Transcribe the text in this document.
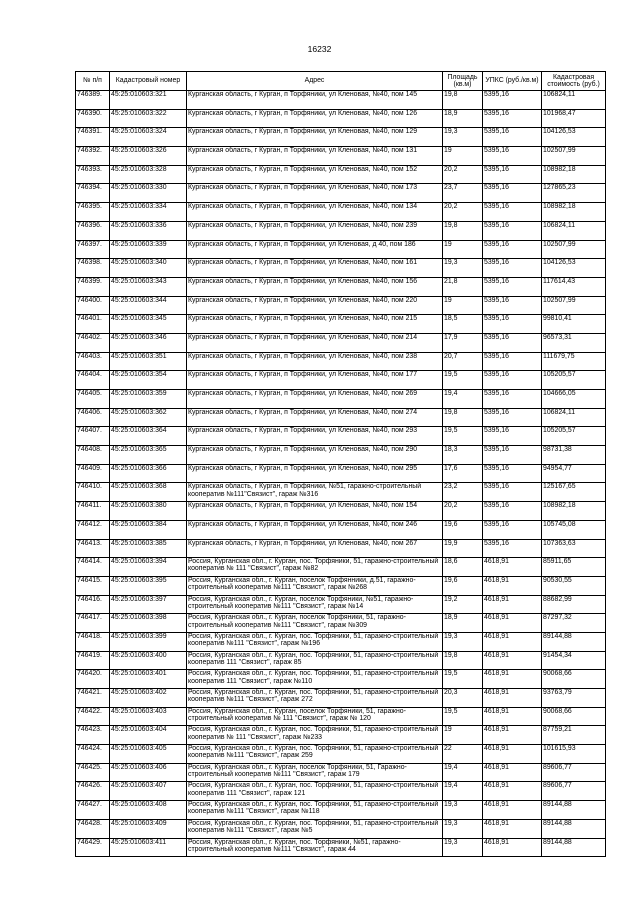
16232
№ п/п	Кадастровый номер	Адрес	Площадь (кв.м)	УПКС (руб./кв.м)	Кадастровая стоимость (руб.)
746389.	45:25:010603:321	Курганская область, г Курган, п Торфяники, ул Кленовая, №40, пом 145	19,8	5395,16	106824,11
746390.	45:25:010603:322	Курганская область, г Курган, п Торфяники, ул Кленовая, №40, пом 126	18,9	5395,16	101968,47
746391.	45:25:010603:324	Курганская область, г Курган, п Торфяники, ул Кленовая, №40, пом 129	19,3	5395,16	104126,53
746392.	45:25:010603:326	Курганская область, г Курган, п Торфяники, ул Кленовая, №40, пом 131	19	5395,16	102507,99
746393.	45:25:010603:328	Курганская область, г Курган, п Торфяники, ул Кленовая, №40, пом 152	20,2	5395,16	108982,18
746394.	45:25:010603:330	Курганская область, г Курган, п Торфяники, ул Кленовая, №40, пом 173	23,7	5395,16	127865,23
746395.	45:25:010603:334	Курганская область, г Курган, п Торфяники, ул Кленовая, №40, пом 134	20,2	5395,16	108982,18
746396.	45:25:010603:336	Курганская область, г Курган, п Торфяники, ул Кленовая, №40, пом 239	19,8	5395,16	106824,11
746397.	45:25:010603:339	Курганская область, г Курган, п Торфяники, ул Кленовая, д 40, пом 186	19	5395,16	102507,99
746398.	45:25:010603:340	Курганская область, г Курган, п Торфяники, ул Кленовая, №40, пом 161	19,3	5395,16	104126,53
746399.	45:25:010603:343	Курганская область, г Курган, п Торфяники, ул Кленовая, №40, пом 156	21,8	5395,16	117614,43
746400.	45:25:010603:344	Курганская область, г Курган, п Торфяники, ул Кленовая, №40, пом 220	19	5395,16	102507,99
746401.	45:25:010603:345	Курганская область, г Курган, п Торфяники, ул Кленовая, №40, пом 215	18,5	5395,16	99810,41
746402.	45:25:010603:346	Курганская область, г Курган, п Торфяники, ул Кленовая, №40, пом 214	17,9	5395,16	96573,31
746403.	45:25:010603:351	Курганская область, г Курган, п Торфяники, ул Кленовая, №40, пом 238	20,7	5395,16	111679,75
746404.	45:25:010603:354	Курганская область, г Курган, п Торфяники, ул Кленовая, №40, пом 177	19,5	5395,16	105205,57
746405.	45:25:010603:359	Курганская область, г Курган, п Торфяники, ул Кленовая, №40, пом 269	19,4	5395,16	104666,05
746406.	45:25:010603:362	Курганская область, г Курган, п Торфяники, ул Кленовая, №40, пом 274	19,8	5395,16	106824,11
746407.	45:25:010603:364	Курганская область, г Курган, п Торфяники, ул Кленовая, №40, пом 293	19,5	5395,16	105205,57
746408.	45:25:010603:365	Курганская область, г Курган, п Торфяники, ул Кленовая, №40, пом 290	18,3	5395,16	98731,38
746409.	45:25:010603:366	Курганская область, г Курган, п Торфяники, ул Кленовая, №40, пом 295	17,6	5395,16	94954,77
746410.	45:25:010603:368	Курганская область, г Курган, п Торфяники, №51, гаражно-строительный кооператив №111"Связист", гараж №316	23,2	5395,16	125167,65
746411.	45:25:010603:380	Курганская область, г Курган, п Торфяники, ул Кленовая, №40, пом 154	20,2	5395,16	108982,18
746412.	45:25:010603:384	Курганская область, г Курган, п Торфяники, ул Кленовая, №40, пом 246	19,6	5395,16	105745,08
746413.	45:25:010603:385	Курганская область, г Курган, п Торфяники, ул Кленовая, №40, пом 267	19,9	5395,16	107363,63
746414.	45:25:010603:394	Россия, Курганская обл., г. Курган, пос. Торфяники, 51, гаражно-строительный кооператив № 111 "Связист", гараж №82	18,6	4618,91	85911,65
746415.	45:25:010603:395	Россия, Курганская обл., г. Курган, поселок Торфянники, д.51, гаражно-строительный кооператив №111 "Связист", гараж №268	19,6	4618,91	90530,55
746416.	45:25:010603:397	Россия, Курганская обл., г. Курган, поселок Торфяники, №51, гаражно-строительный кооператив №111 "Связист", гараж №14	19,2	4618,91	88682,99
746417.	45:25:010603:398	Россия, Курганская обл., г. Курган, поселок Торфяники, 51, гаражно-строительный кооператив №111 "Связист", гараж №309	18,9	4618,91	87297,32
746418.	45:25:010603:399	Россия, Курганская обл., г. Курган, пос. Торфяники, 51, гаражно-строительный кооператив №111 "Связист", гараж №196	19,3	4618,91	89144,88
746419.	45:25:010603:400	Россия, Курганская обл., г. Курган, пос. Торфяники, 51, гаражно-строительный кооператив 111 "Связист", гараж 85	19,8	4618,91	91454,34
746420.	45:25:010603:401	Россия, Курганская обл., г. Курган, пос. Торфяники, 51, гаражно-строительный кооператив 111 "Связист", гараж №110	19,5	4618,91	90068,66
746421.	45:25:010603:402	Россия, Курганская обл., г. Курган, пос. Торфяники, 51, гаражно-строительный кооператив №111 "Связист", гараж 272	20,3	4618,91	93763,79
746422.	45:25:010603:403	Россия, Курганская обл., г. Курган, поселок Торфяники, 51, гаражно-строительный кооператив № 111 "Связист", гараж № 120	19,5	4618,91	90068,66
746423.	45:25:010603:404	Россия, Курганская обл., г. Курган, пос. Торфяники, 51, гаражно-строительный кооператив № 111 "Связист", гараж №233	19	4618,91	87759,21
746424.	45:25:010603:405	Россия, Курганская обл., г. Курган, пос. Торфяники, 51, гаражно-строительный кооператив №111 "Связист", гараж 259	22	4618,91	101615,93
746425.	45:25:010603:406	Россия, Курганская обл., г. Курган, поселок Торфяники, 51, Гаражно-строительный кооператив №111 "Связист", гараж 179	19,4	4618,91	89606,77
746426.	45:25:010603:407	Россия, Курганская обл., г. Курган, пос. Торфяники, 51, гаражно-строительный кооператив 111 "Связист", гараж 121	19,4	4618,91	89606,77
746427.	45:25:010603:408	Россия, Курганская обл., г. Курган, пос. Торфяники, 51, гаражно-строительный кооператив №111 "Связист", гараж №118	19,3	4618,91	89144,88
746428.	45:25:010603:409	Россия, Курганская обл., г. Курган, пос. Торфяники, 51, гаражно-строительный кооператив №111 "Связист", гараж №5	19,3	4618,91	89144,88
746429.	45:25:010603:411	Россия, Курганская обл., г. Курган, пос. Торфяники, №51, гаражно-строительный кооператив №111 "Связист", гараж 44	19,3	4618,91	89144,88
